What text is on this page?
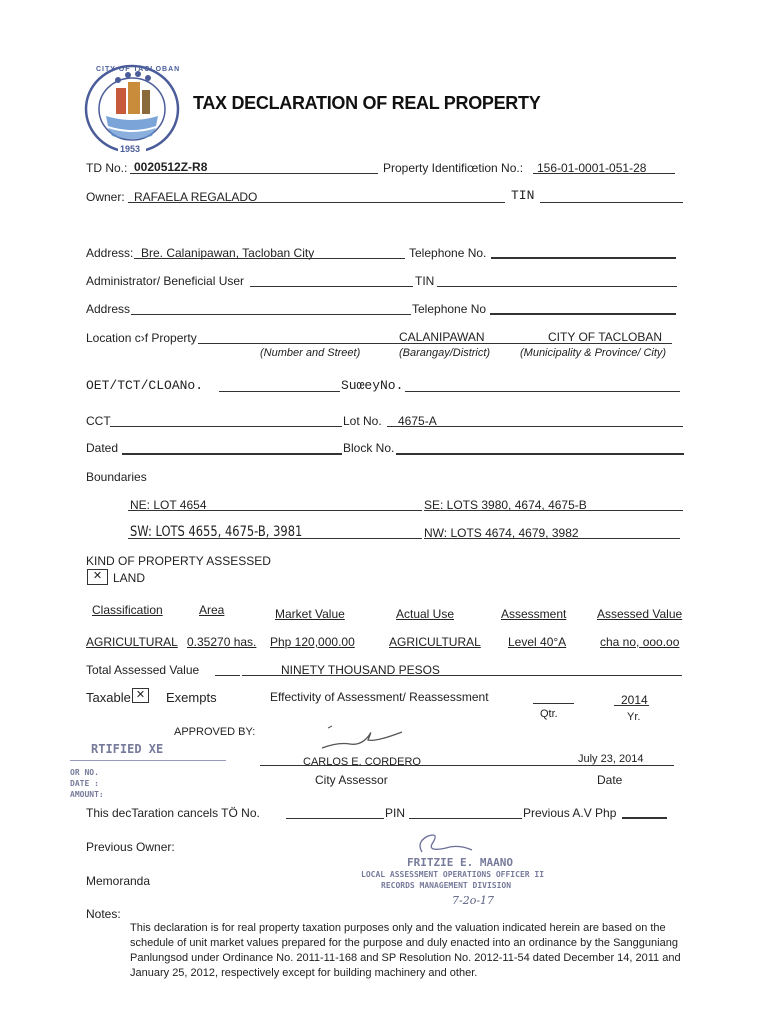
CITY OF TACLOBAN
1953
TAX DECLARATION OF REAL PROPERTY
TD No.: 0020512Z-R8	Property Identifiœtion No.: 156-01-0001-051-28
Owner: RAFAELA REGALADO	TIN
Address: Bre. Calanipawan, Tacloban City	Telephone No.
Administrator/ Beneficial User	TIN
Address	Telephone No
Location c›f Property	CALANIPAWAN	CITY OF TACLOBAN
(Number and Street)	(Barangay/District)	(Municipality & Province/ City)
OET/TCT/CLOANo.	SuœeyNo.
CCT	Lot No. 4675-A
Dated	Block No.
Boundaries
NE: LOT 4654	SE: LOTS 3980, 4674, 4675-B
SW: LOTS 4655, 4675-B, 3981	NW: LOTS 4674, 4679, 3982
KIND OF PROPERTY ASSESSED
✕ LAND
Classification	Area	Market Value	Actual Use	Assessment	Assessed Value
AGRICULTURAL 0.35270 has. Php 120,000.00	AGRICULTURAL Level 40°A	cha no, ooo.oo
Total Assessed Value	NINETY THOUSAND PESOS
Taxable ✕ Exempts	Effectivity of Assessment/ Reassessment	2014
Qtr.	Yr.
APPROVED BY:
CARLOS E. CORDERO
City Assessor
July 23, 2014
Date
RTIFIED XE
OR NO.
DATE :
AMOUNT:
This decTaration cancels TÖ No.	PIN	Previous A.V Php
Previous Owner:
Memoranda
FRITZIE E. MAANO
LOCAL ASSESSMENT OPERATIONS OFFICER II
RECORDS MANAGEMENT DIVISION
7-2o-17
Notes:
This declaration is for real property taxation purposes only and the valuation indicated herein are based on the schedule of unit market values prepared for the purpose and duly enacted into an ordinance by the Sangguniang Panlungsod under Ordinance No. 2011-11-168 and SP Resolution No. 2012-11-54 dated December 14, 2011 and January 25, 2012, respectively except for building machinery and other.
